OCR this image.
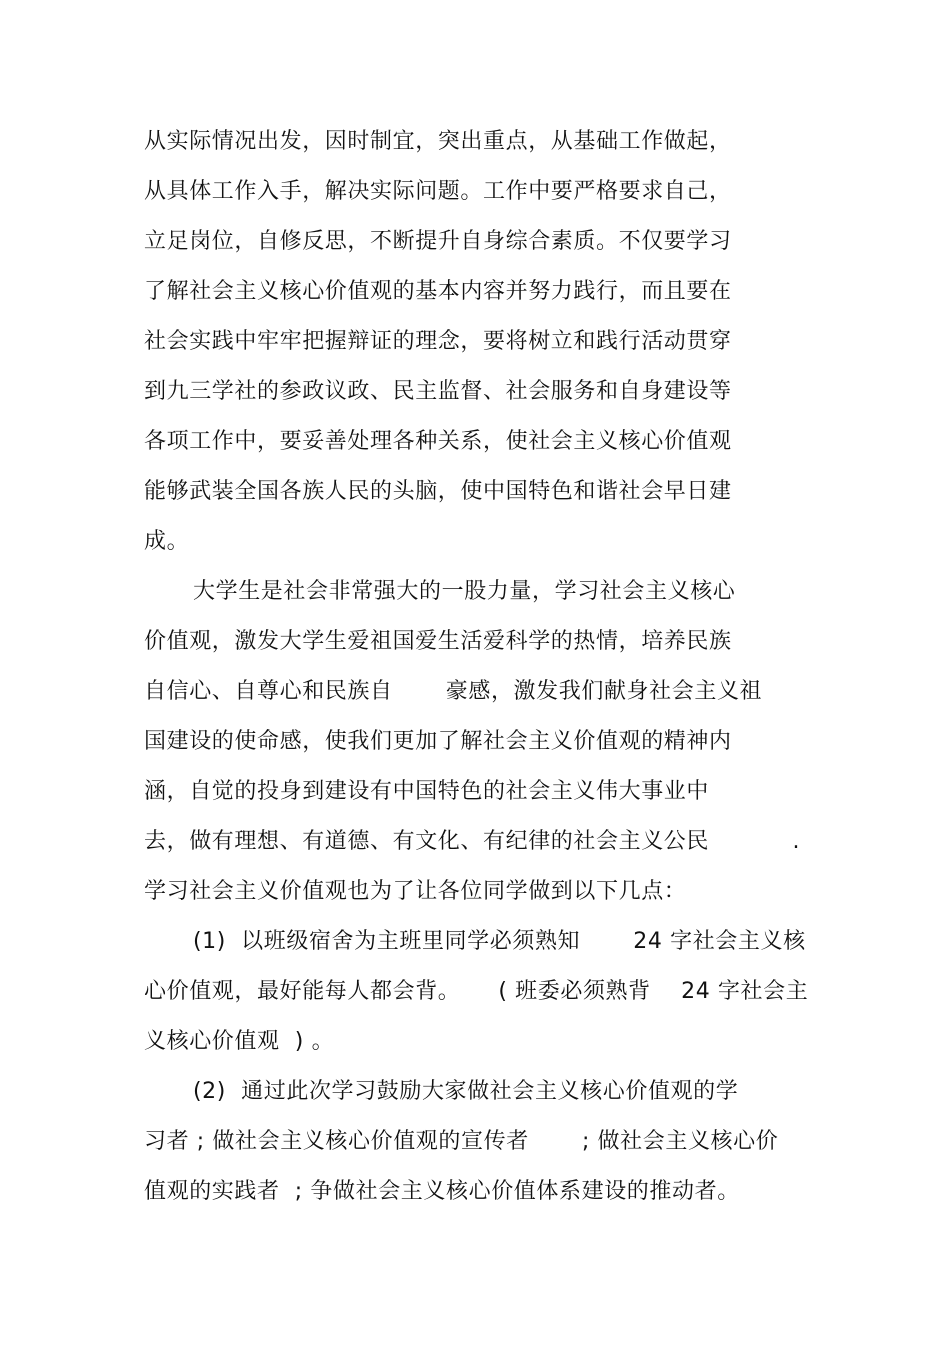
从实际情况出发，因时制宜，突出重点，从基础工作做起，
从具体工作入手，解决实际问题。工作中要严格要求自己，
立足岗位，自修反思，不断提升自身综合素质。不仅要学习
了解社会主义核心价值观的基本内容并努力践行，而且要在
社会实践中牢牢把握辩证的理念，要将树立和践行活动贯穿
到九三学社的参政议政、民主监督、社会服务和自身建设等
各项工作中，要妥善处理各种关系，使社会主义核心价值观
能够武装全国各族人民的头脑，使中国特色和谐社会早日建
成。
大学生是社会非常强大的一股力量，学习社会主义核心
价值观，激发大学生爱祖国爱生活爱科学的热情，培养民族
自信心、自尊心和民族自       豪感，激发我们献身社会主义祖
国建设的使命感，使我们更加了解社会主义价值观的精神内
涵，自觉的投身到建设有中国特色的社会主义伟大事业中
去，做有理想、有道德、有文化、有纪律的社会主义公民           .
学习社会主义价值观也为了让各位同学做到以下几点：
(1)  以班级宿舍为主班里同学必须熟知       24 字社会主义核
心价值观，最好能每人都会背。     ( 班委必须熟背    24 字社会主
义核心价值观  ) 。
(2)  通过此次学习鼓励大家做社会主义核心价值观的学
习者 ; 做社会主义核心价值观的宣传者       ; 做社会主义核心价
值观的实践者  ; 争做社会主义核心价值体系建设的推动者。
